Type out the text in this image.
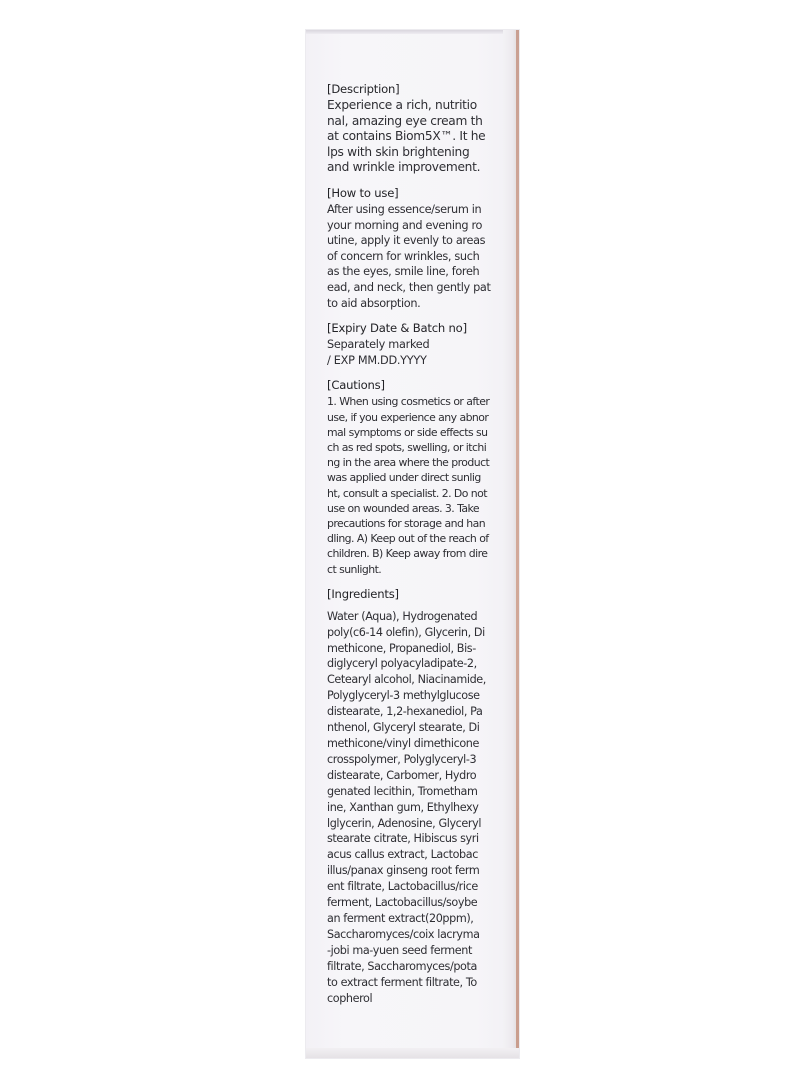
[Description]
Experience a rich, nutritio
nal, amazing eye cream th
at contains Biom5X™. It he
lps with skin brightening
and wrinkle improvement.
[How to use]
After using essence/serum in
your morning and evening ro
utine, apply it evenly to areas
of concern for wrinkles, such
as the eyes, smile line, foreh
ead, and neck, then gently pat
to aid absorption.
[Expiry Date & Batch no]
Separately marked
/ EXP MM.DD.YYYY
[Cautions]
1. When using cosmetics or after
use, if you experience any abnor
mal symptoms or side effects su
ch as red spots, swelling, or itchi
ng in the area where the product
was applied under direct sunlig
ht, consult a specialist. 2. Do not
use on wounded areas. 3. Take
precautions for storage and han
dling. A) Keep out of the reach of
children. B) Keep away from dire
ct sunlight.
[Ingredients]
Water (Aqua), Hydrogenated
poly(c6-14 olefin), Glycerin, Di
methicone, Propanediol, Bis-
diglyceryl polyacyladipate-2,
Cetearyl alcohol, Niacinamide,
Polyglyceryl-3 methylglucose
distearate, 1,2-hexanediol, Pa
nthenol, Glyceryl stearate, Di
methicone/vinyl dimethicone
crosspolymer, Polyglyceryl-3
distearate, Carbomer, Hydro
genated lecithin, Trometham
ine, Xanthan gum, Ethylhexy
lglycerin, Adenosine, Glyceryl
stearate citrate, Hibiscus syri
acus callus extract, Lactobac
illus/panax ginseng root ferm
ent filtrate, Lactobacillus/rice
ferment, Lactobacillus/soybe
an ferment extract(20ppm),
Saccharomyces/coix lacryma
-jobi ma-yuen seed ferment
filtrate, Saccharomyces/pota
to extract ferment filtrate, To
copherol
